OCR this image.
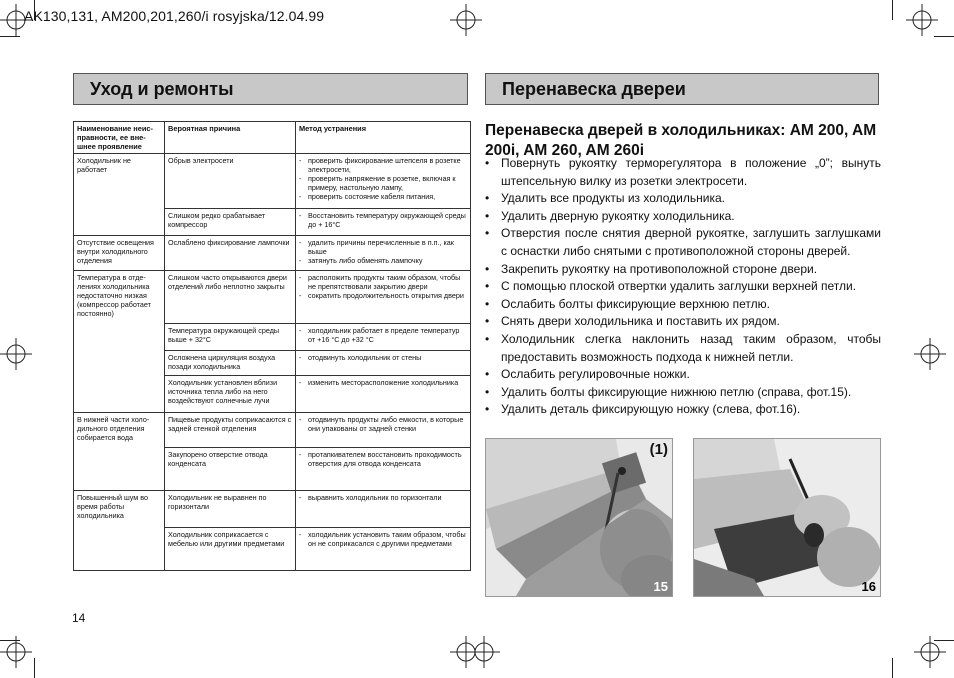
AK130,131, AM200,201,260/i rosyjska/12.04.99
Уход и ремонты
Наименование неис-правности, ее вне-шнее проявление	Вероятная причина	Метод устранения
Холодильник не работает	Обрыв электросети	- проверить фиксирование штепселя в розетке электросети,
- проверить напряжение в розетке, включая к примеру, настольную лампу,
- проверить состояние кабеля питания,

	Слишком редко срабатывает компрессор	- Восстановить температуру окружающей среды до + 16°C

Отсутствие освещения внутри холодильного отделения	Ослаблено фиксирование лампочки	- удалить причины перечисленные в п.п., как выше
- затянуть либо обменять лампочку

Температура в отде-лениях холодильника недостаточно низкая (компрессор работает постоянно)	Слишком часто открываются двери отделений либо неплотно закрыты	- расположить продукты таким образом, чтобы не препятствовали закрытию двери
- сократить продолжительность открытия двери

	Температура окружающей среды выше + 32°C	- холодильник работает в пределе температур от +16 °C до +32 °C

	Осложнена циркуляция воздуха позади холодильника	- отодвинуть холодильник от стены

	Холодильник установлен вблизи источника тепла либо на него воздействуют солнечные лучи	- изменить месторасположение холодильника

В нижней части холо-дильного отделения собирается вода	Пищевые продукты соприкасаются с задней стенкой отделения	- отодвинуть продукты либо емкости, в которые они упакованы от задней стенки

	Закупорено отверстие отвода конденсата	- протапкивателем восстановить проходимость отверстия для отвода конденсата

Повышенный шум во время работы холодильника	Холодильник не выравнен по горизонтали	- выравнить холодильник по горизонтали

	Холодильник соприкасается с мебелью или другими предметами	- холодильник установить таким образом, чтобы он не соприкасался с другими предметами
14
Перенавеска двереи
Перенавеска дверей в холодильниках: AM 200, AM 200i, AM 260, AM 260i
• Повернуть рукоятку терморегулятора в положение „0”; вынуть штепсельную вилку из розетки электросети.
• Удалить все продукты из холодильника.
• Удалить дверную рукоятку холодильника.
• Отверстия после снятия дверной рукоятке, заглушить заглушками с оснастки либо снятыми с противоположной стороны дверей.
• Закрепить рукоятку на противоположной стороне двери.
• С помощью плоской отвертки удалить заглушки верхней петли.
• Ослабить болты фиксирующие верхнюю петлю.
• Снять двери холодильника и поставить их рядом.
• Холодильник слегка наклонить назад таким образом, чтобы предоставить возможность подхода к нижней петли.
• Ослабить регулировочные ножки.
• Удалить болты фиксирующие нижнюю петлю (справа, фот.15).
• Удалить деталь фиксирующую ножку (слева, фот.16).
(1)
15	16
